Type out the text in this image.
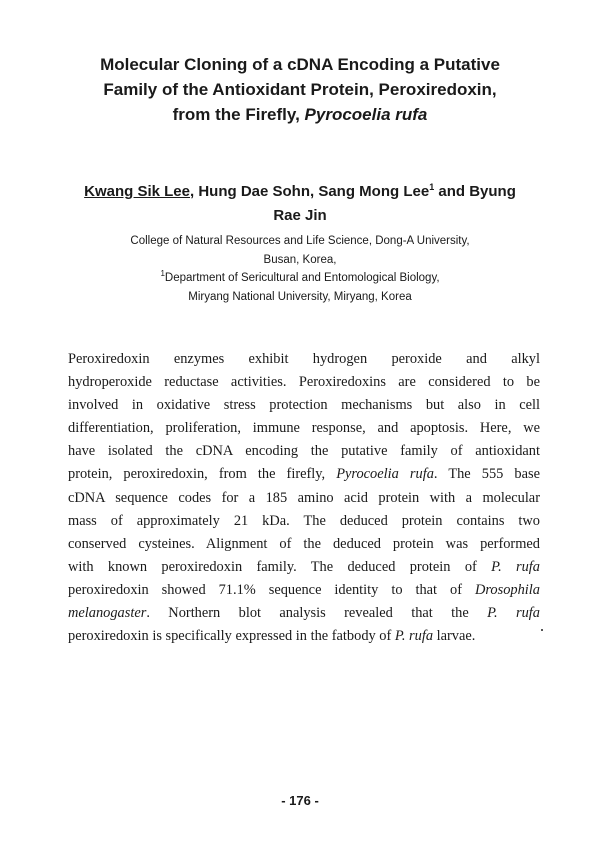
Molecular Cloning of a cDNA Encoding a Putative
Family of the Antioxidant Protein, Peroxiredoxin,
from the Firefly, Pyrocoelia rufa
Kwang Sik Lee, Hung Dae Sohn, Sang Mong Lee$^1$ and Byung
Rae Jin
College of Natural Resources and Life Science, Dong-A University,
Busan, Korea,
$^1$Department of Sericultural and Entomological Biology,
Miryang National University, Miryang, Korea
Peroxiredoxin enzymes exhibit hydrogen peroxide and alkyl
hydroperoxide reductase activities. Peroxiredoxins are considered to be
involved in oxidative stress protection mechanisms but also in cell
differentiation, proliferation, immune response, and apoptosis. Here, we
have isolated the cDNA encoding the putative family of antioxidant
protein, peroxiredoxin, from the firefly, Pyrocoelia rufa. The 555 base
cDNA sequence codes for a 185 amino acid protein with a molecular
mass of approximately 21 kDa. The deduced protein contains two
conserved cysteines. Alignment of the deduced protein was performed
with known peroxiredoxin family. The deduced protein of P. rufa
peroxiredoxin showed 71.1% sequence identity to that of Drosophila
melanogaster. Northern blot analysis revealed that the P. rufa
peroxiredoxin is specifically expressed in the fatbody of P. rufa larvae.
- 176 -
